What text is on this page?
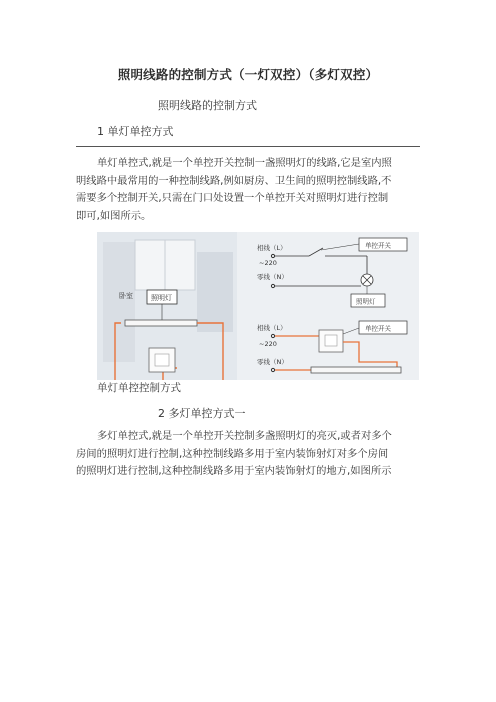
照明线路的控制方式（一灯双控）（多灯双控）
照明线路的控制方式
1 单灯单控方式
单灯单控式,就是一个单控开关控制一盏照明灯的线路,它是室内照
明线路中最常用的一种控制线路,例如厨房、卫生间的照明控制线路,不
需要多个控制开关,只需在门口处设置一个单控开关对照明灯进行控制
即可,如图所示。
卧室	照明灯
相线（L）
~220
零线（N）
单控开关
照明灯
相线（L）
~220
零线（N）
单控开关
单灯单控控制方式
2 多灯单控方式一
多灯单控式,就是一个单控开关控制多盏照明灯的亮灭,或者对多个
房间的照明灯进行控制,这种控制线路多用于室内装饰射灯对多个房间
的照明灯进行控制,这种控制线路多用于室内装饰射灯的地方,如图所示
